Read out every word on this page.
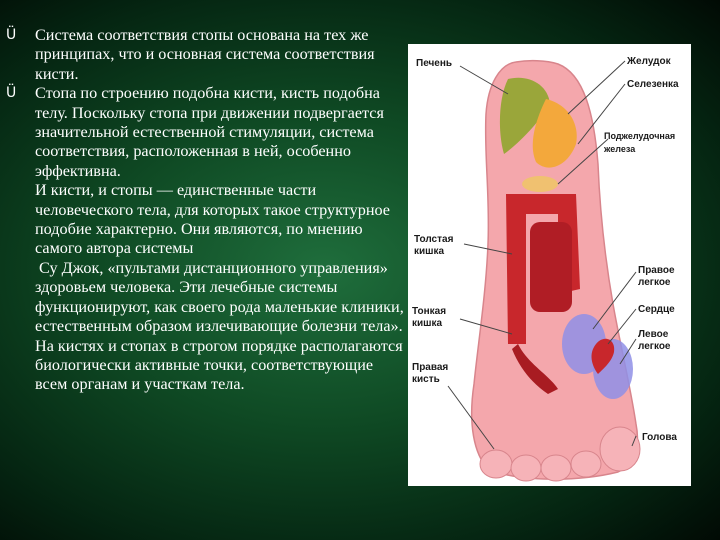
Ü Система соответствия стопы основана на тех же принципах, что и основная система соответствия кисти.
Ü Стопа по строению подобна кисти, кисть подобна телу. Поскольку стопа при движении подвергается значительной естественной стимуляции, система соответствия, расположенная в ней, особенно эффективна.
И кисти, и стопы — единственные части человеческого тела, для которых такое структурное подобие характерно. Они являются, по мнению самого автора системы
Су Джок, «пультами дистанционного управления» здоровьем человека. Эти лечебные системы функционируют, как своего рода маленькие клиники, естественным образом излечивающие болезни тела». На кистях и стопах в строгом порядке располагаются биологически активные точки, соответствующие всем органам и участкам тела.
Печень	Желудок
Селезенка
Поджелудочная
железа
Толстая
кишка
Правое
легкое
Тонкая
кишка
Сердце
Левое
легкое
Правая
кисть
Голова
